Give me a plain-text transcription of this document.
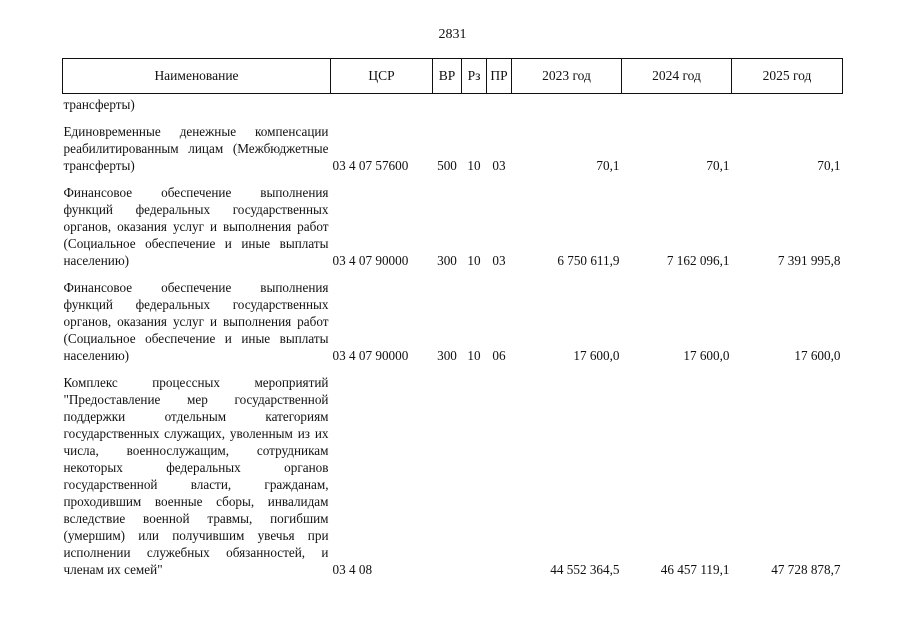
2831
Наименование	ЦСР	ВР	Рз	ПР	2023 год	2024 год	2025 год
трансферты)							
Единовременные денежные компенсации реабилитированным лицам (Межбюджетные трансферты)	03 4 07 57600	500	10	03	70,1	70,1	70,1
Финансовое обеспечение выполнения функций федеральных государственных органов, оказания услуг и выполнения работ (Социальное обеспечение и иные выплаты населению)	03 4 07 90000	300	10	03	6 750 611,9	7 162 096,1	7 391 995,8
Финансовое обеспечение выполнения функций федеральных государственных органов, оказания услуг и выполнения работ (Социальное обеспечение и иные выплаты населению)	03 4 07 90000	300	10	06	17 600,0	17 600,0	17 600,0
Комплекс процессных мероприятий "Предоставление мер государственной поддержки отдельным категориям государственных служащих, уволенным из их числа, военнослужащим, сотрудникам некоторых федеральных органов государственной власти, гражданам, проходившим военные сборы, инвалидам вследствие военной травмы, погибшим (умершим) или получившим увечья при исполнении служебных обязанностей, и членам их семей"	03 4 08				44 552 364,5	46 457 119,1	47 728 878,7
